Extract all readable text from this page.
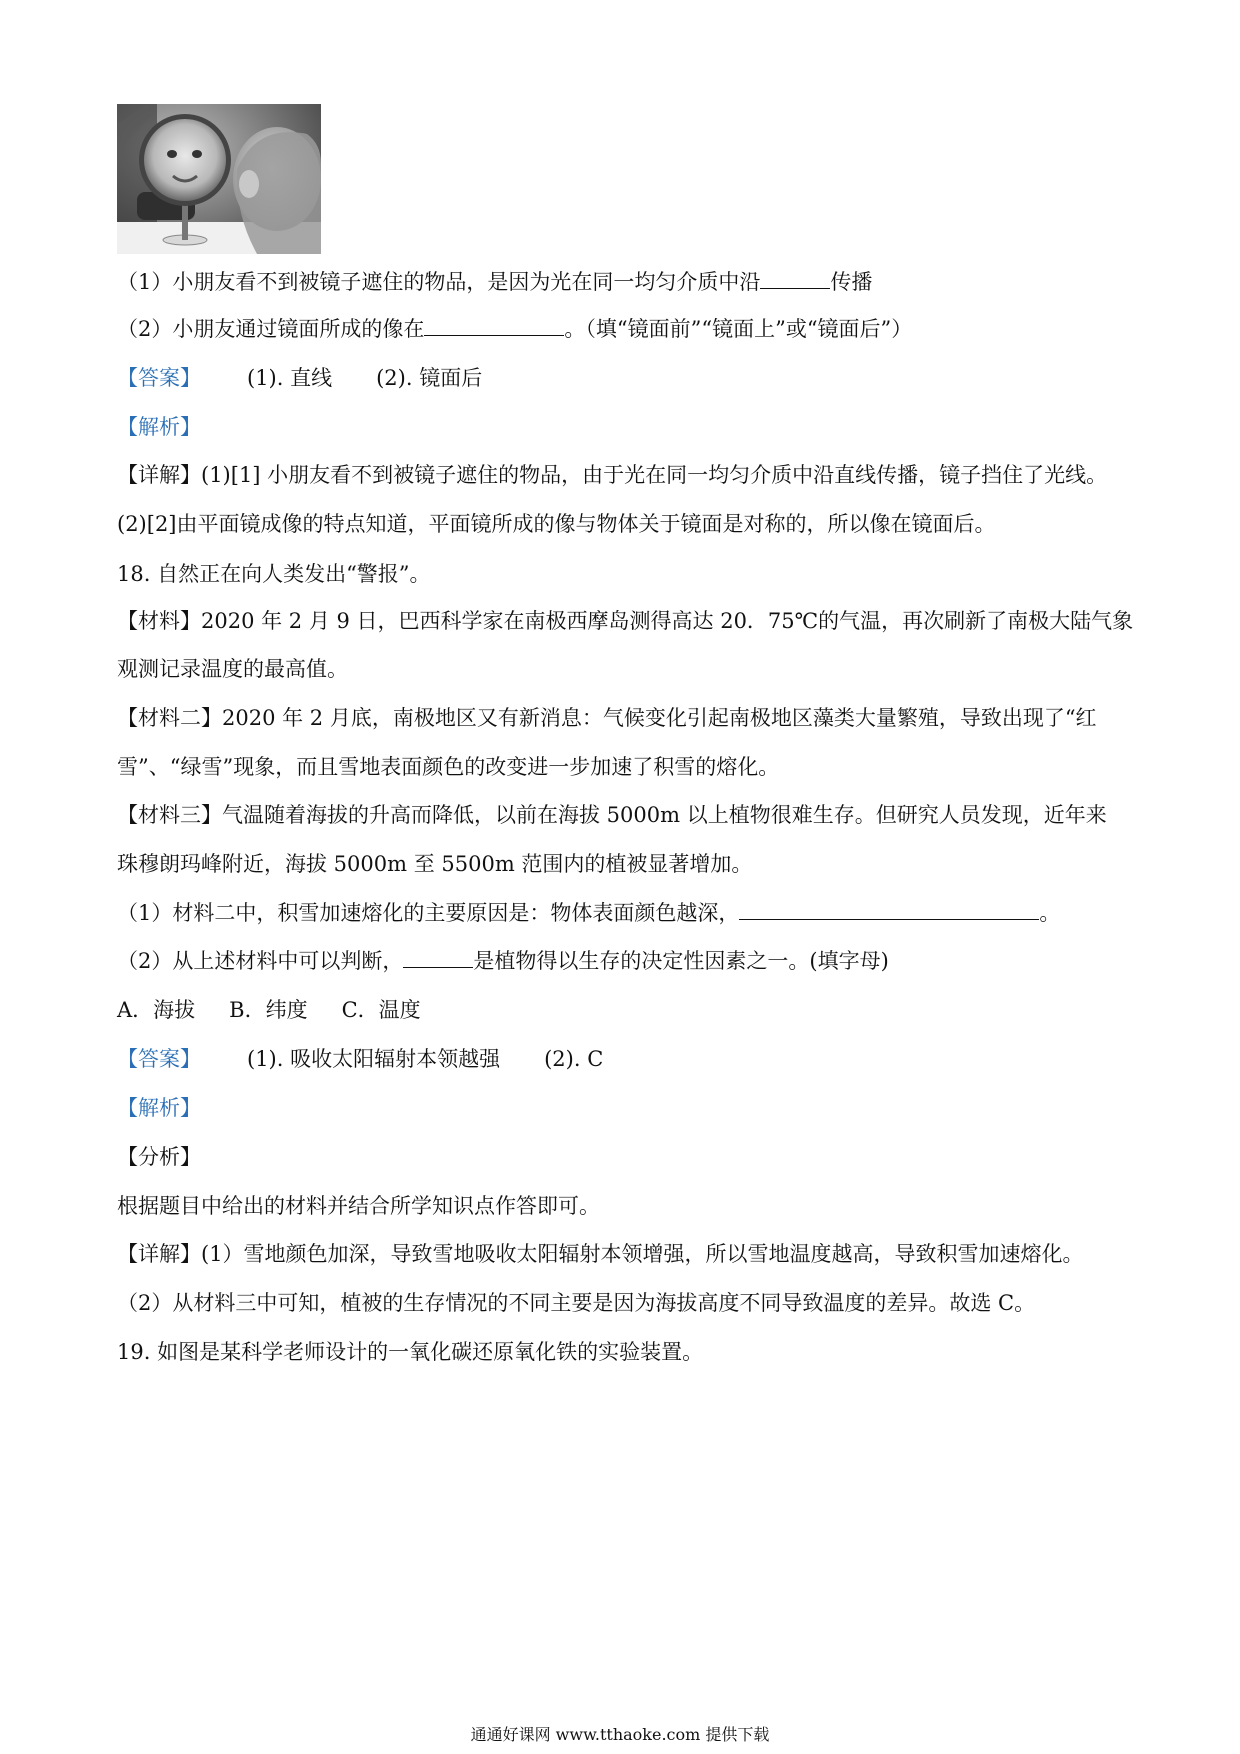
（1）小朋友看不到被镜子遮住的物品，是因为光在同一均匀介质中沿	传播
（2）小朋友通过镜面所成的像在	。（填“镜面前”“镜面上”或“镜面后”）
【答案】 (1). 直线 (2). 镜面后
【解析】
【详解】(1)[1] 小朋友看不到被镜子遮住的物品，由于光在同一均匀介质中沿直线传播，镜子挡住了光线。
(2)[2]由平面镜成像的特点知道，平面镜所成的像与物体关于镜面是对称的，所以像在镜面后。
18. 自然正在向人类发出“警报”。
【材料】2020 年 2 月 9 日，巴西科学家在南极西摩岛测得高达 20．75℃的气温，再次刷新了南极大陆气象
观测记录温度的最高值。
【材料二】2020 年 2 月底，南极地区又有新消息：气候变化引起南极地区藻类大量繁殖，导致出现了“红
雪”、“绿雪”现象，而且雪地表面颜色的改变进一步加速了积雪的熔化。
【材料三】气温随着海拔的升高而降低，以前在海拔 5000m 以上植物很难生存。但研究人员发现，近年来
珠穆朗玛峰附近，海拔 5000m 至 5500m 范围内的植被显著增加。
（1）材料二中，积雪加速熔化的主要原因是：物体表面颜色越深，	。
（2）从上述材料中可以判断，	是植物得以生存的决定性因素之一。(填字母)
A．海拔 B．纬度 C．温度
【答案】 (1). 吸收太阳辐射本领越强 (2). C
【解析】
【分析】
根据题目中给出的材料并结合所学知识点作答即可。
【详解】(1）雪地颜色加深，导致雪地吸收太阳辐射本领增强，所以雪地温度越高，导致积雪加速熔化。
（2）从材料三中可知，植被的生存情况的不同主要是因为海拔高度不同导致温度的差异。故选 C。
19. 如图是某科学老师设计的一氧化碳还原氧化铁的实验装置。
通通好课网 www.tthaoke.com 提供下载
